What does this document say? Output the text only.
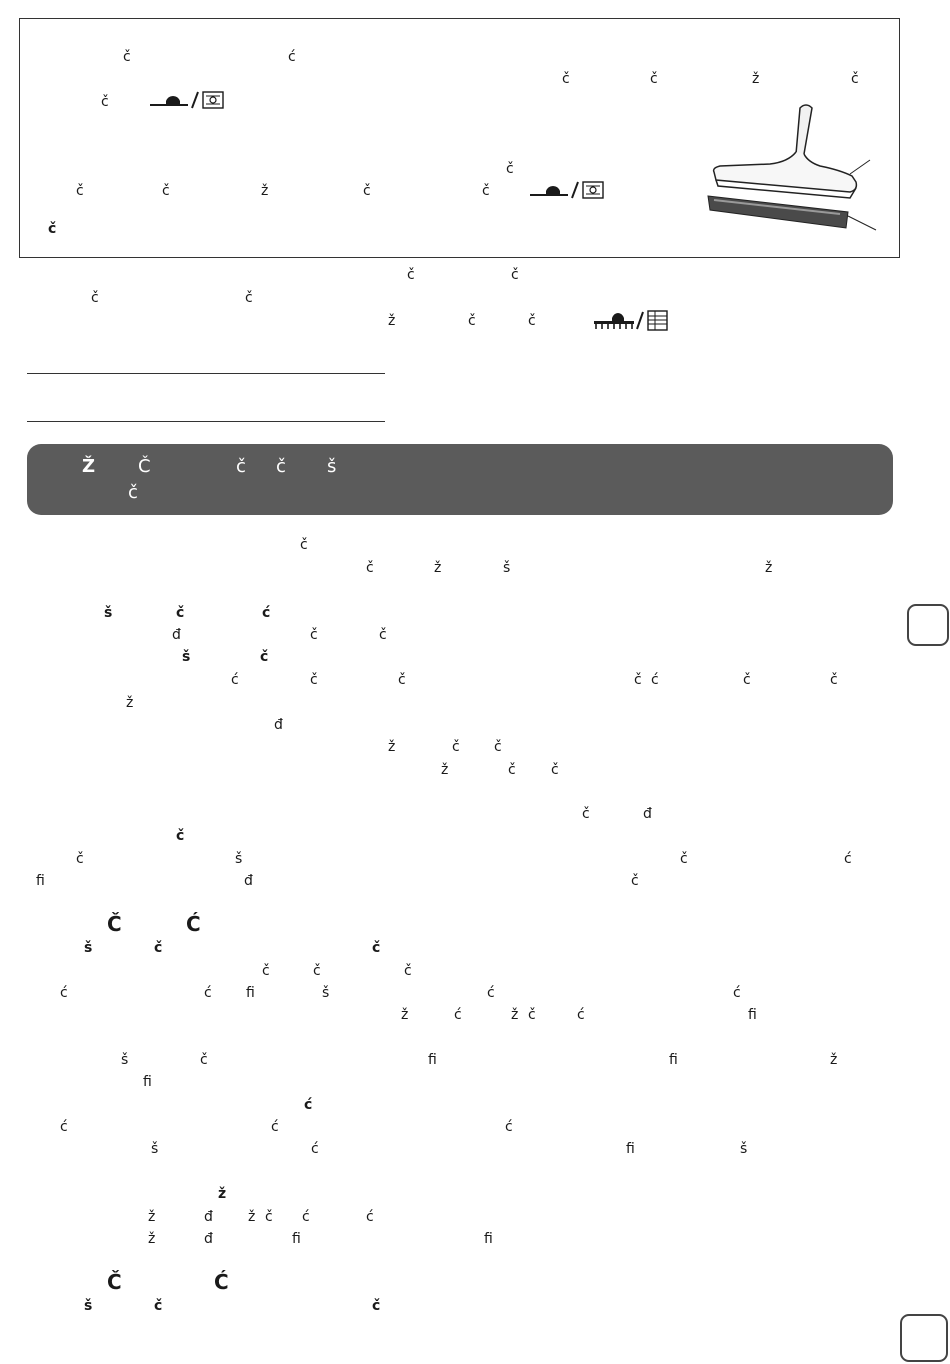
č	ć
č	č	ž	č
č
č
č	č	ž	č	č
č
č	č
č	č
ž	č	č
Ž Č	č č š
č
č
č	ž	š	ž
š	č	ć
đ	č	č
š	č
ć	č	č	č ć	č	č
ž
đ
ž	č č
ž	č	č
č	đ
č
č	š	č	ć
ﬁ	đ	č
Č	Ć
š	č	č
č	č	č
ć	ć ﬁ	š	ć	ć
ž	ć	ž č	ć	ﬁ
š	č	ﬁ	ﬁ	ž
ﬁ
ć
ć	ć	ć
š	ć	ﬁ	š
ž
ž	đ	ž č ć	ć
ž	đ	ﬁ	ﬁ
Č	Ć
š	č	č
